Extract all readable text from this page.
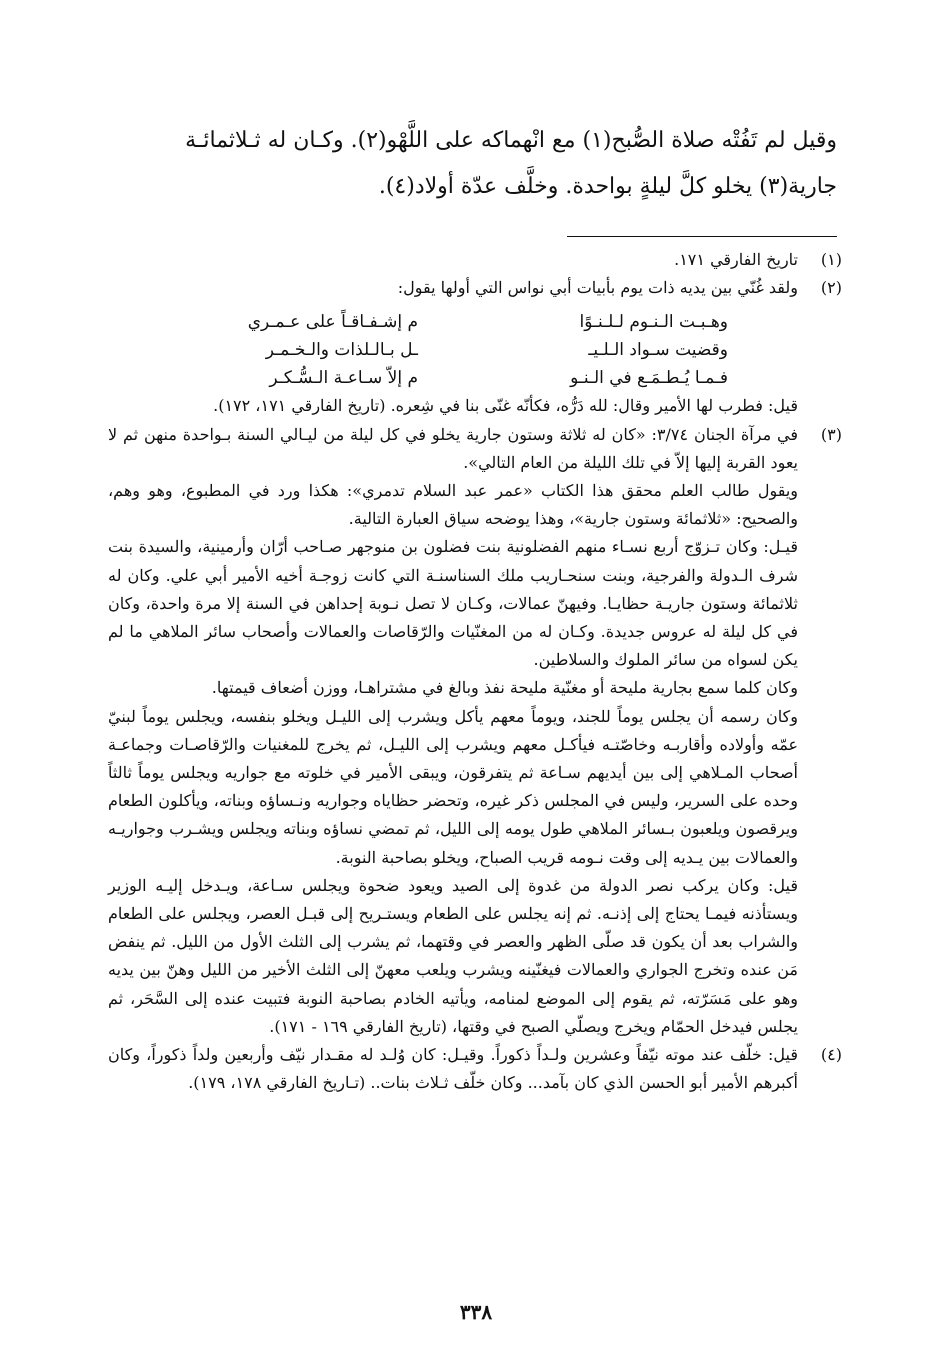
وقيل لم تَفُتْه صلاة الصُّبح(١) مع انْهماكه على اللَّهْو(٢). وكـان له ثـلاثمائـة

جارية(٣) يخلو كلَّ ليلةٍ بواحدة. وخلَّف عدّة أولاد(٤).

(١)

تاريخ الفارقي ١٧١.

(٢)

ولقد غُنّي بين يديه ذات يوم بأبيات أبي نواس التي أولها يقول:

وهـبـت الـنـوم لـلـنـوًا
م إشـفـاقـاً على عـمـري
وقضيت سـواد الـلـيـ
ـل بـالـلذات والـخـمـر
فـمـا يُـطـمَـع في الـنـو
م إلاّ سـاعـة الـسُّـكـر

قيل: فطرب لها الأمير وقال: لله دَرُّه، فكأنّه غنّى بنا في شِعره. (تاريخ الفارقي ١٧١، ١٧٢).

(٣)

في مرآة الجنان ٣/٧٤: «كان له ثلاثة وستون جارية يخلو في كل ليلة من ليـالي السنة بـواحدة منهن ثم لا يعود القربة إليها إلاّ في تلك الليلة من العام التالي».

ويقول طالب العلم محقق هذا الكتاب «عمر عبد السلام تدمري»: هكذا ورد في المطبوع، وهو وهم، والصحيح: «ثلاثمائة وستون جارية»، وهذا يوضحه سياق العبارة التالية.

قيـل: وكان تـزوّج أربع نسـاء منهم الفضلونية بنت فضلون بن منوجهر صـاحب أرّان وأرمينية، والسيدة بنت شرف الـدولة والفرجية، وبنت سنحـاريب ملك السناسنـة التي كانت زوجـة أخيه الأمير أبي علي. وكان له ثلاثمائة وستون جاريـة حظايـا. وفيهنّ عمالات، وكـان لا تصل نـوبة إحداهن في السنة إلا مرة واحدة، وكان في كل ليلة له عروس جديدة. وكـان له من المغنّيات والرّقاصات والعمالات وأصحاب سائر الملاهي ما لم يكن لسواه من سائر الملوك والسلاطين.

وكان كلما سمع بجارية مليحة أو مغنّية مليحة نفذ وبالغ في مشتراهـا، ووزن أضعاف قيمتها.

وكان رسمه أن يجلس يوماً للجند، ويوماً معهم يأكل ويشرب إلى الليـل ويخلو بنفسه، ويجلس يوماً لبنيّ عمّه وأولاده وأقاربـه وخاصّتـه فيأكـل معهم ويشرب إلى الليـل، ثم يخرج للمغنيات والرّقاصـات وجماعـة أصحاب المـلاهي إلى بين أيديهم سـاعة ثم يتفرقون، ويبقى الأمير في خلوته مع جواريه ويجلس يوماً ثالثاً وحده على السرير، وليس في المجلس ذكر غيره، وتحضر حظاياه وجواريه ونـساؤه وبناته، ويأكلون الطعام ويرقصون ويلعبون بـسائر الملاهي طول يومه إلى الليل، ثم تمضي نساؤه وبناته ويجلس ويشـرب وجواريـه والعمالات بين يـديه إلى وقت نـومه قريب الصباح، ويخلو بصاحبة النوبة.

قيل: وكان يركب نصر الدولة من غدوة إلى الصيد ويعود ضحوة ويجلس سـاعة، ويـدخل إليـه الوزير ويستأذنه فيمـا يحتاج إلى إذنـه. ثم إنه يجلس على الطعام ويستـريح إلى قبـل العصر، ويجلس على الطعام والشراب بعد أن يكون قد صلّى الظهر والعصر في وقتهما، ثم يشرب إلى الثلث الأول من الليل. ثم ينفض مَن عنده وتخرج الجواري والعمالات فيغنّينه ويشرب ويلعب معهنّ إلى الثلث الأخير من الليل وهنّ بين يديه وهو على مَسَرّته، ثم يقوم إلى الموضع لمنامه، ويأتيه الخادم بصاحبة النوبة فتبيت عنده إلى السَّحَر، ثم يجلس فيدخل الحمّام ويخرج ويصلّي الصبح في وقتها، (تاريخ الفارقي ١٦٩ - ١٧١).

(٤)

قيل: خلّف عند موته نيّفاً وعشرين ولـداً ذكوراً. وقيـل: كان وُلـد له مقـدار نيّف وأربعين ولداً ذكوراً، وكان أكبرهم الأمير أبو الحسن الذي كان بآمد... وكان خلّف ثـلاث بنات.. (تـاريخ الفارقي ١٧٨، ١٧٩).

٣٣٨
